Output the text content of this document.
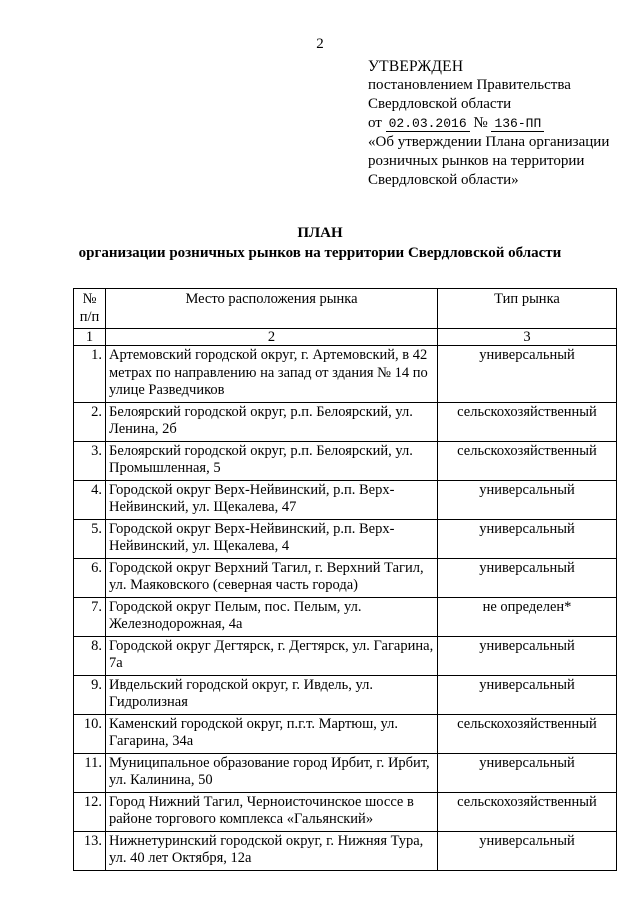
2
УТВЕРЖДЕН
постановлением Правительства
Свердловской области
от 02.03.2016 № 136-ПП
«Об утверждении Плана организации
розничных рынков на территории
Свердловской области»
ПЛАН
организации розничных рынков на территории Свердловской области
№ п/п	Место расположения рынка	Тип рынка
1	2	3
1.	Артемовский городской округ, г. Артемовский, в 42 метрах по направлению на запад от здания № 14 по улице Разведчиков	универсальный
2.	Белоярский городской округ, р.п. Белоярский, ул. Ленина, 2б	сельскохозяйственный
3.	Белоярский городской округ, р.п. Белоярский, ул. Промышленная, 5	сельскохозяйственный
4.	Городской округ Верх-Нейвинский, р.п. Верх-Нейвинский, ул. Щекалева, 47	универсальный
5.	Городской округ Верх-Нейвинский, р.п. Верх-Нейвинский, ул. Щекалева, 4	универсальный
6.	Городской округ Верхний Тагил, г. Верхний Тагил, ул. Маяковского (северная часть города)	универсальный
7.	Городской округ Пелым, пос. Пелым, ул. Железнодорожная, 4а	не определен*
8.	Городской округ Дегтярск, г. Дегтярск, ул. Гагарина, 7а	универсальный
9.	Ивдельский городской округ, г. Ивдель, ул. Гидролизная	универсальный
10.	Каменский городской округ, п.г.т. Мартюш, ул. Гагарина, 34а	сельскохозяйственный
11.	Муниципальное образование город Ирбит, г. Ирбит, ул. Калинина, 50	универсальный
12.	Город Нижний Тагил, Черноисточинское шоссе в районе торгового комплекса «Гальянский»	сельскохозяйственный
13.	Нижнетуринский городской округ, г. Нижняя Тура, ул. 40 лет Октября, 12а	универсальный
